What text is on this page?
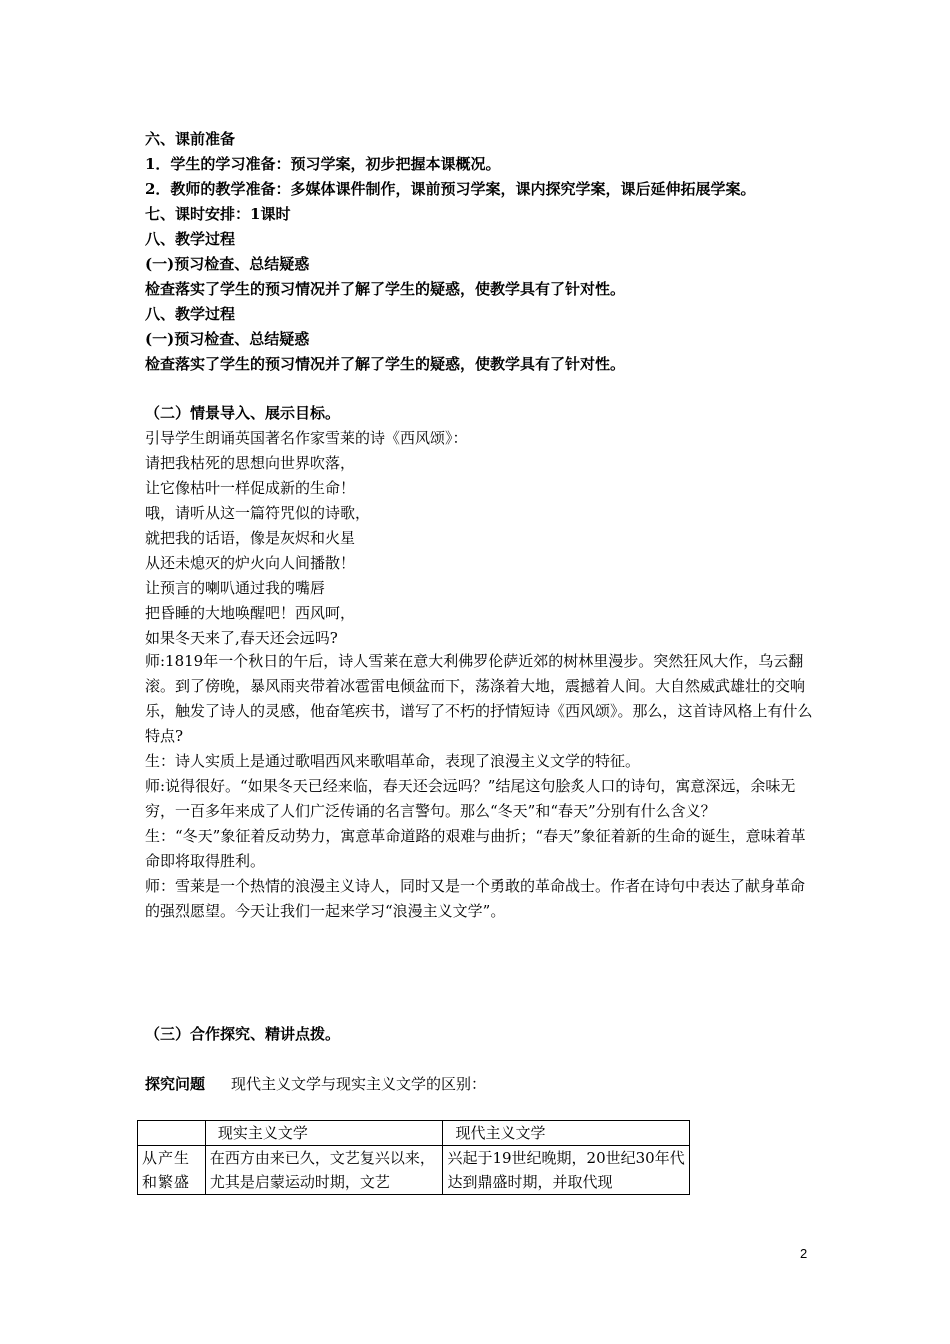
六、课前准备
1．学生的学习准备：预习学案，初步把握本课概况。
2．教师的教学准备：多媒体课件制作，课前预习学案，课内探究学案，课后延伸拓展学案。
七、课时安排：1课时
八、教学过程
(一)预习检查、总结疑惑
检查落实了学生的预习情况并了解了学生的疑惑，使教学具有了针对性。
八、教学过程
(一)预习检查、总结疑惑
检查落实了学生的预习情况并了解了学生的疑惑，使教学具有了针对性。
（二）情景导入、展示目标。
引导学生朗诵英国著名作家雪莱的诗《西风颂》：
请把我枯死的思想向世界吹落，
让它像枯叶一样促成新的生命！
哦，请听从这一篇符咒似的诗歌，
就把我的话语，像是灰烬和火星
从还未熄灭的炉火向人间播散！
让预言的喇叭通过我的嘴唇
把昏睡的大地唤醒吧！西风呵，
如果冬天来了,春天还会远吗?

师:1819年一个秋日的午后，诗人雪莱在意大利佛罗伦萨近郊的树林里漫步。突然狂风大作，乌云翻滚。到了傍晚，暴风雨夹带着冰雹雷电倾盆而下，荡涤着大地，震撼着人间。大自然威武雄壮的交响乐，触发了诗人的灵感，他奋笔疾书，谱写了不朽的抒情短诗《西风颂》。那么，这首诗风格上有什么特点?

生：诗人实质上是通过歌唱西风来歌唱革命，表现了浪漫主义文学的特征。

师:说得很好。“如果冬天已经来临，春天还会远吗？”结尾这句脍炙人口的诗句，寓意深远，余味无穷，一百多年来成了人们广泛传诵的名言警句。那么“冬天”和“春天”分别有什么含义？

生：“冬天”象征着反动势力，寓意革命道路的艰难与曲折；“春天”象征着新的生命的诞生，意味着革命即将取得胜利。

师：雪莱是一个热情的浪漫主义诗人，同时又是一个勇敢的革命战士。作者在诗句中表达了献身革命的强烈愿望。今天让我们一起来学习“浪漫主义文学”。

（三）合作探究、精讲点拨。
探究问题 现代主义文学与现实主义文学的区别：
	现实主义文学	现代主义文学
从产生和繁盛	在西方由来已久，文艺复兴以来，尤其是启蒙运动时期，文艺	兴起于19世纪晚期，20世纪30年代达到鼎盛时期，并取代现
2
